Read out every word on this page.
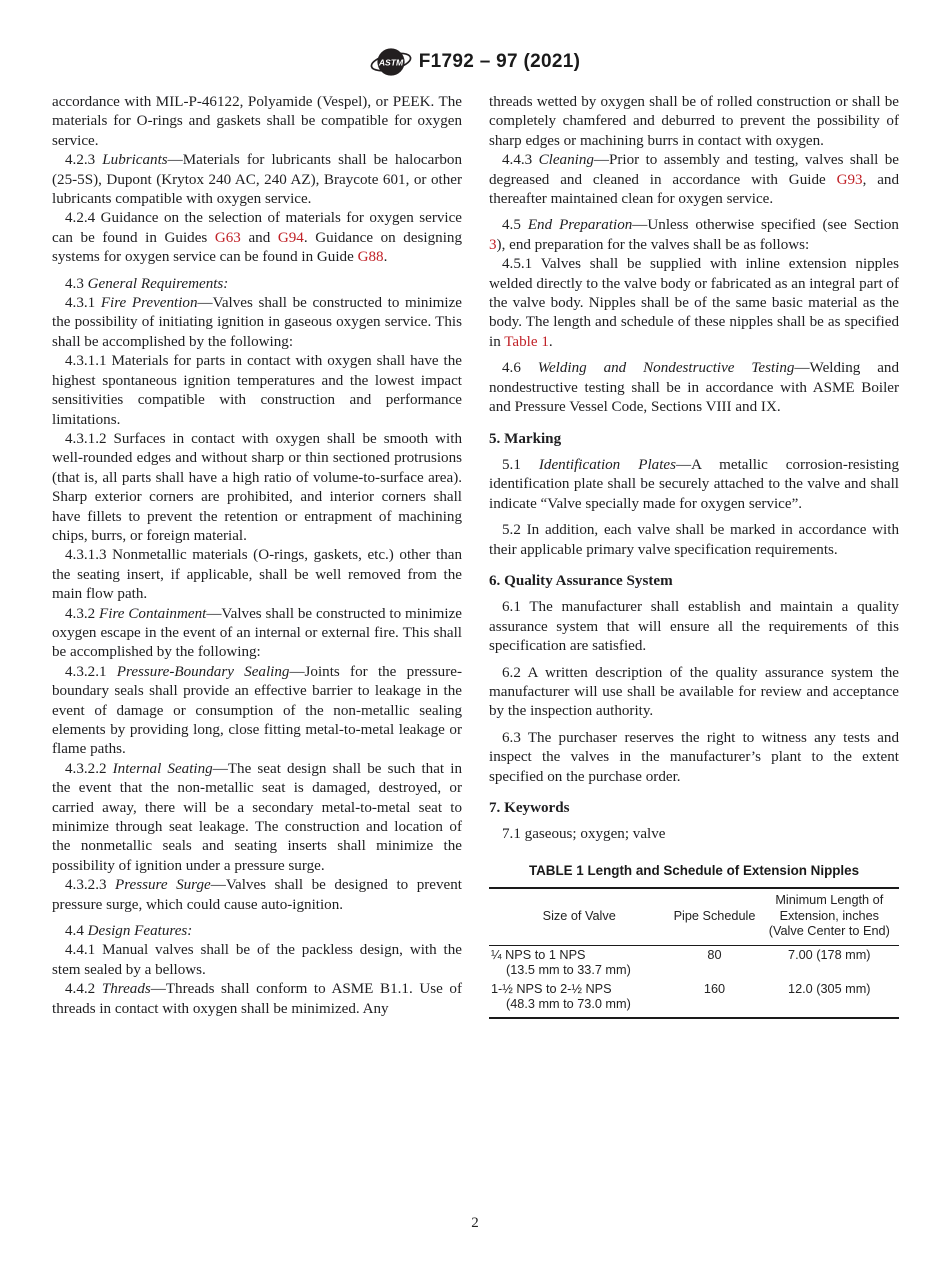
ASTM F1792 – 97 (2021)

accordance with MIL-P-46122, Polyamide (Vespel), or PEEK. The materials for O-rings and gaskets shall be compatible for oxygen service.

4.2.3 Lubricants—Materials for lubricants shall be halocarbon (25-5S), Dupont (Krytox 240 AC, 240 AZ), Braycote 601, or other lubricants compatible with oxygen service.

4.2.4 Guidance on the selection of materials for oxygen service can be found in Guides G63 and G94. Guidance on designing systems for oxygen service can be found in Guide G88.

4.3 General Requirements:

4.3.1 Fire Prevention—Valves shall be constructed to minimize the possibility of initiating ignition in gaseous oxygen service. This shall be accomplished by the following:

4.3.1.1 Materials for parts in contact with oxygen shall have the highest spontaneous ignition temperatures and the lowest impact sensitivities compatible with construction and performance limitations.

4.3.1.2 Surfaces in contact with oxygen shall be smooth with well-rounded edges and without sharp or thin sectioned protrusions (that is, all parts shall have a high ratio of volume-to-surface area). Sharp exterior corners are prohibited, and interior corners shall have fillets to prevent the retention or entrapment of machining chips, burrs, or foreign material.

4.3.1.3 Nonmetallic materials (O-rings, gaskets, etc.) other than the seating insert, if applicable, shall be well removed from the main flow path.

4.3.2 Fire Containment—Valves shall be constructed to minimize oxygen escape in the event of an internal or external fire. This shall be accomplished by the following:

4.3.2.1 Pressure-Boundary Sealing—Joints for the pressure-boundary seals shall provide an effective barrier to leakage in the event of damage or consumption of the non-metallic sealing elements by providing long, close fitting metal-to-metal leakage or flame paths.

4.3.2.2 Internal Seating—The seat design shall be such that in the event that the non-metallic seat is damaged, destroyed, or carried away, there will be a secondary metal-to-metal seat to minimize through seat leakage. The construction and location of the nonmetallic seals and seating inserts shall minimize the possibility of ignition under a pressure surge.

4.3.2.3 Pressure Surge—Valves shall be designed to prevent pressure surge, which could cause auto-ignition.

4.4 Design Features:

4.4.1 Manual valves shall be of the packless design, with the stem sealed by a bellows.

4.4.2 Threads—Threads shall conform to ASME B1.1. Use of threads in contact with oxygen shall be minimized. Any

threads wetted by oxygen shall be of rolled construction or shall be completely chamfered and deburred to prevent the possibility of sharp edges or machining burrs in contact with oxygen.

4.4.3 Cleaning—Prior to assembly and testing, valves shall be degreased and cleaned in accordance with Guide G93, and thereafter maintained clean for oxygen service.

4.5 End Preparation—Unless otherwise specified (see Section 3), end preparation for the valves shall be as follows:

4.5.1 Valves shall be supplied with inline extension nipples welded directly to the valve body or fabricated as an integral part of the valve body. Nipples shall be of the same basic material as the body. The length and schedule of these nipples shall be as specified in Table 1.

4.6 Welding and Nondestructive Testing—Welding and nondestructive testing shall be in accordance with ASME Boiler and Pressure Vessel Code, Sections VIII and IX.

5. Marking

5.1 Identification Plates—A metallic corrosion-resisting identification plate shall be securely attached to the valve and shall indicate “Valve specially made for oxygen service”.

5.2 In addition, each valve shall be marked in accordance with their applicable primary valve specification requirements.

6. Quality Assurance System

6.1 The manufacturer shall establish and maintain a quality assurance system that will ensure all the requirements of this specification are satisfied.

6.2 A written description of the quality assurance system the manufacturer will use shall be available for review and acceptance by the inspection authority.

6.3 The purchaser reserves the right to witness any tests and inspect the valves in the manufacturer’s plant to the extent specified on the purchase order.

7. Keywords

7.1 gaseous; oxygen; valve

TABLE 1 Length and Schedule of Extension Nipples
Size of Valve	Pipe Schedule	Minimum Length of Extension, inches (Valve Center to End)

¼ NPS to 1 NPS
(13.5 mm to 33.7 mm)	80	7.00 (178 mm)

1-½ NPS to 2-½ NPS
(48.3 mm to 73.0 mm)	160	12.0 (305 mm)
2
